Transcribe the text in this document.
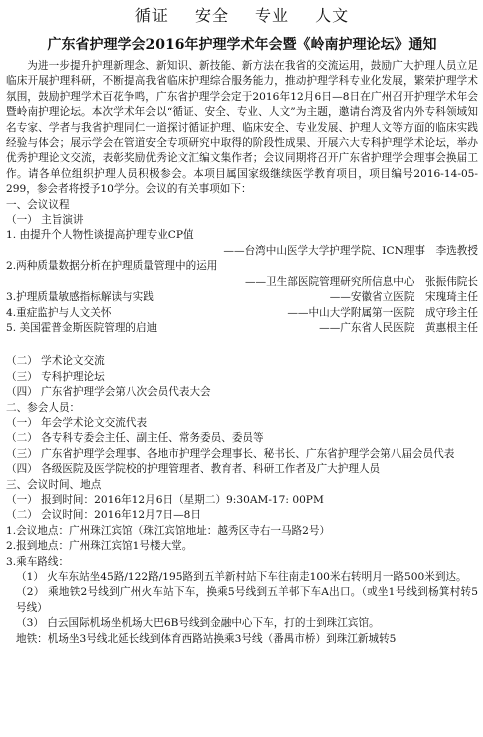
循证 安全 专业 人文
广东省护理学会2016年护理学术年会暨《岭南护理论坛》通知

为进一步提升护理新理念、新知识、新技能、新方法在我省的交流运用，鼓励广大护理人员立足临床开展护理科研，不断提高我省临床护理综合服务能力，推动护理学科专业化发展，繁荣护理学术氛围，鼓励护理学术百花争鸣，广东省护理学会定于2016年12月6日—8日在广州召开护理学术年会暨岭南护理论坛。本次学术年会以“循证、安全、专业、人文”为主题，邀请台湾及省内外专科领域知名专家、学者与我省护理同仁一道探讨循证护理、临床安全、专业发展、护理人文等方面的临床实践经验与体会；展示学会在管道安全专项研究中取得的阶段性成果、开展六大专科护理学术论坛，举办优秀护理论文交流，表彰奖励优秀论文汇编文集作者；会议同期将召开广东省护理学会理事会换届工作。请各单位组织护理人员积极参会。本项目属国家级继续医学教育项目，项目编号2016-14-05-299，参会者将授予10学分。会议的有关事项如下：

一、会议议程

（一） 主旨演讲

1. 由提升个人物性谈提高护理专业CP值

——台湾中山医学大学护理学院、ICN理事　李选教授

2.两种质量数据分析在护理质量管理中的运用

——卫生部医院管理研究所信息中心　张振伟院长

3.护理质量敏感指标解读与实践	——安徽省立医院　宋瑰琦主任
4.重症监护与人文关怀	——中山大学附属第一医院　成守珍主任
5. 美国霍普金斯医院管理的启迪	——广东省人民医院　黄惠根主任

（二） 学术论文交流

（三） 专科护理论坛

（四） 广东省护理学会第八次会员代表大会

二、参会人员：

（一） 年会学术论文交流代表

（二） 各专科专委会主任、副主任、常务委员、委员等

（三） 广东省护理学会理事、各地市护理学会理事长、秘书长、广东省护理学会第八届会员代表

（四） 各级医院及医学院校的护理管理者、教育者、科研工作者及广大护理人员

三、会议时间、地点

（一） 报到时间：2016年12月6日（星期二）9:30AM-17: 00PM

（二） 会议时间：2016年12月7日—8日

1.会议地点：广州珠江宾馆（珠江宾馆地址：越秀区寺右一马路2号）

2.报到地点：广州珠江宾馆1号楼大堂。

3.乘车路线：

（1） 火车东站坐45路/122路/195路到五羊新村站下车往南走100米右转明月一路500米到达。

（2） 乘地铁2号线到广州火车站下车，换乘5号线到五羊邨下车A出口。（或坐1号线到杨箕村转5号线）

（3） 白云国际机场坐机场大巴6B号线到金融中心下车，打的士到珠江宾馆。

地铁：机场坐3号线北延长线到体育西路站换乘3号线（番禺市桥）到珠江新城转5
